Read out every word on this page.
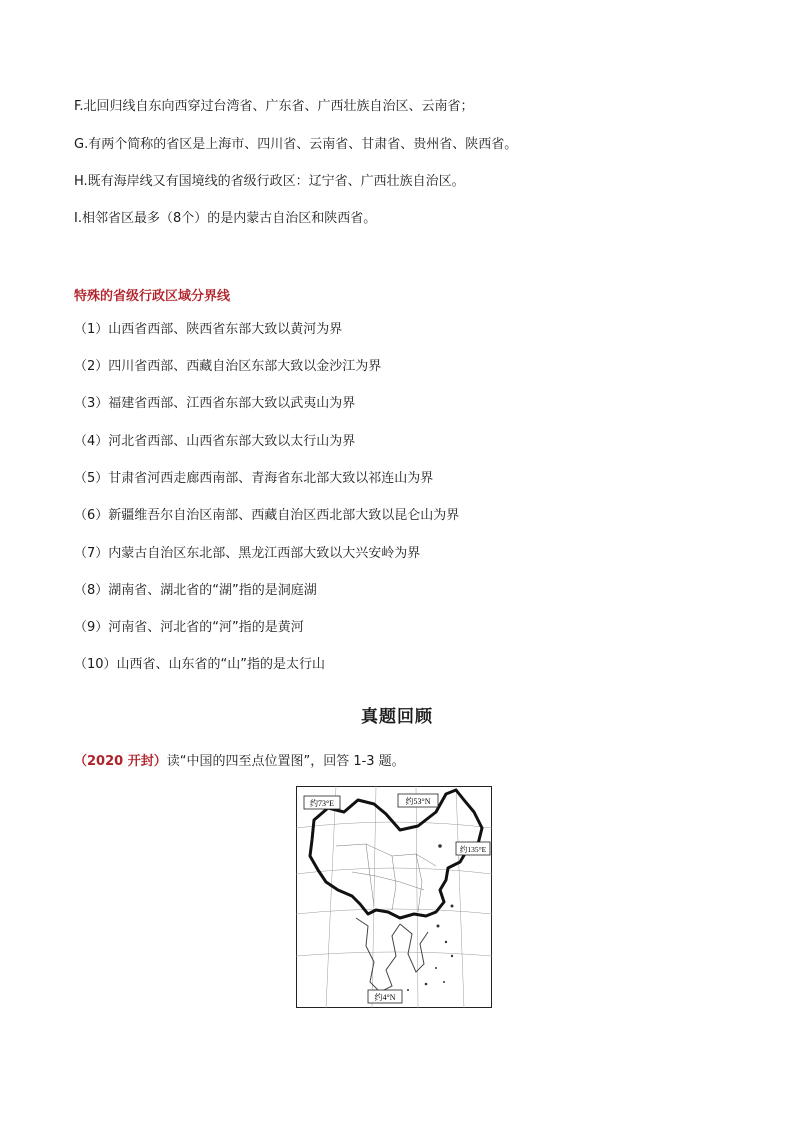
F.北回归线自东向西穿过台湾省、广东省、广西壮族自治区、云南省；
G.有两个简称的省区是上海市、四川省、云南省、甘肃省、贵州省、陕西省。
H.既有海岸线又有国境线的省级行政区：辽宁省、广西壮族自治区。
I.相邻省区最多（8个）的是内蒙古自治区和陕西省。
特殊的省级行政区域分界线
（1）山西省西部、陕西省东部大致以黄河为界
（2）四川省西部、西藏自治区东部大致以金沙江为界
（3）福建省西部、江西省东部大致以武夷山为界
（4）河北省西部、山西省东部大致以太行山为界
（5）甘肃省河西走廊西南部、青海省东北部大致以祁连山为界
（6）新疆维吾尔自治区南部、西藏自治区西北部大致以昆仑山为界
（7）内蒙古自治区东北部、黑龙江西部大致以大兴安岭为界
（8）湖南省、湖北省的“湖”指的是洞庭湖
（9）河南省、河北省的“河”指的是黄河
（10）山西省、山东省的“山”指的是太行山
真题回顾
（2020 开封）读“中国的四至点位置图”，回答 1-3 题。
约73°E	约53°N
约135°E
约4°N
